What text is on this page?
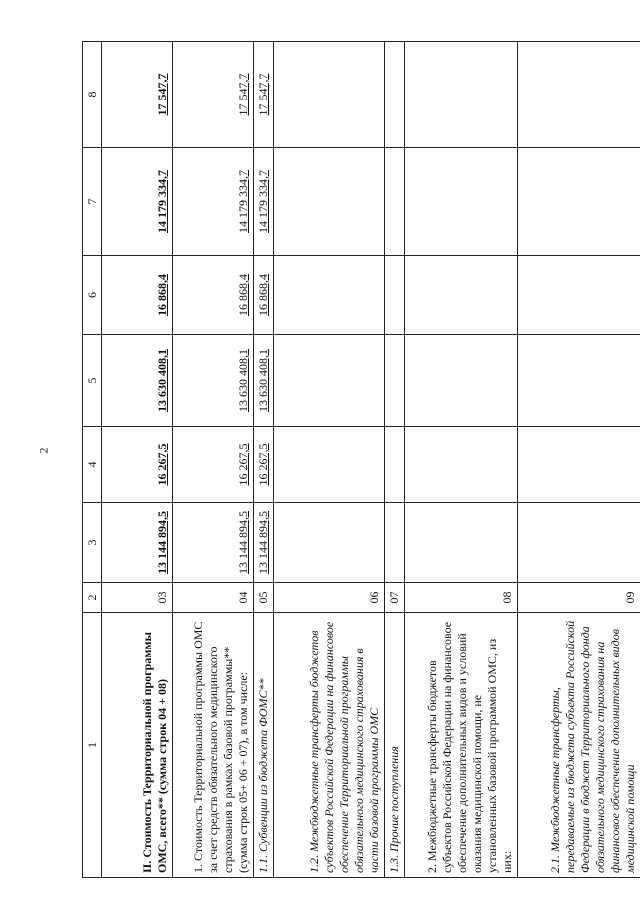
2
1	2	3	4	5	6	7	8
II. Стоимость Территориальной программы ОМС, всего** (сумма строк 04 + 08)	03	13 144 894,5	16 267,5	13 630 408,1	16 868,4	14 179 334,7	17 547,7
1. Стоимость Территориальной программы ОМС за счет средств обязательного медицинского страхования в рамках базовой программы** (сумма строк 05+ 06 + 07), в том числе:	04	13 144 894,5	16 267,5	13 630 408,1	16 868,4	14 179 334,7	17 547,7
1.1. Субвенции из бюджета ФОМС**	05	13 144 894,5	16 267,5	13 630 408,1	16 868,4	14 179 334,7	17 547,7
1.2. Межбюджетные трансферты бюджетов субъектов Российской Федерации на финансовое обеспечение Территориальной программы обязательного медицинского страхования в части базовой программы ОМС	06						
1.3. Прочие поступления	07						
2. Межбюджетные трансферты бюджетов субъектов Российской Федерации на финансовое обеспечение дополнительных видов и условий оказания медицинской помощи, не установленных базовой программой ОМС, из них:	08						
2.1. Межбюджетные трансферты, передаваемые из бюджета субъекта Российской Федерации в бюджет Территориального фонда обязательного медицинского страхования на финансовое обеспечение дополнительных видов медицинской помощи	09						
